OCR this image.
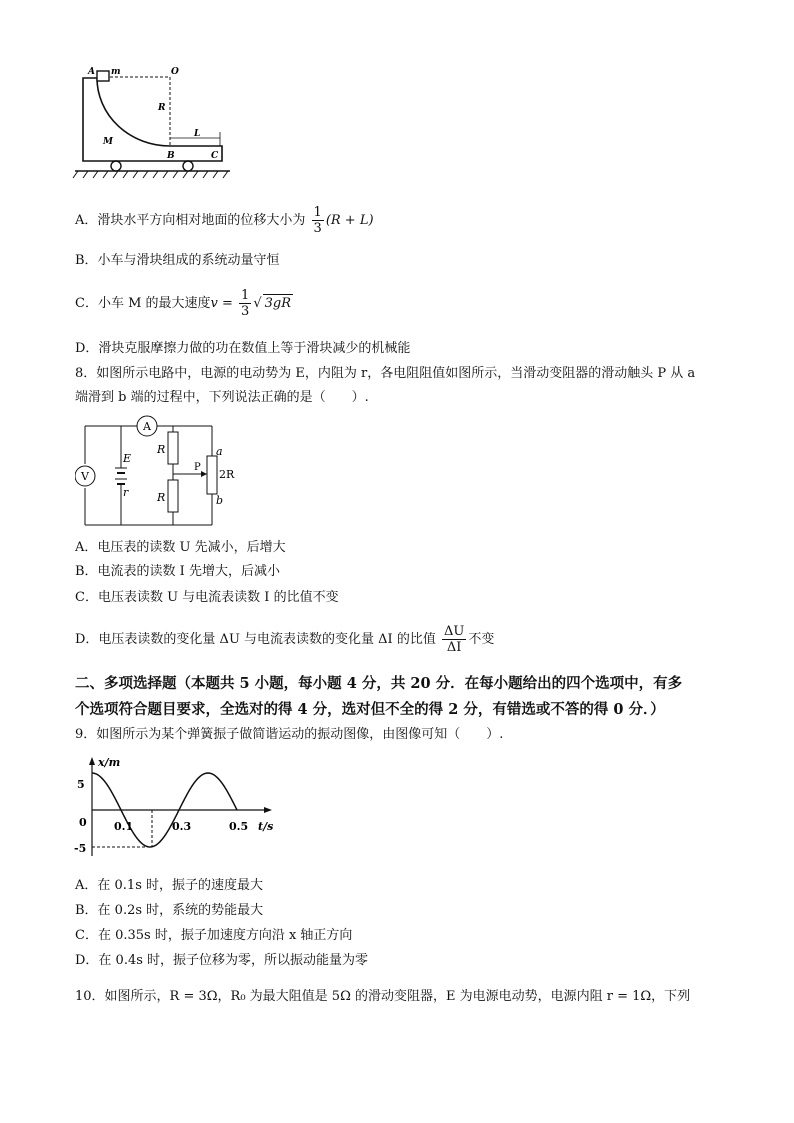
A m	O
R
M
B
L
C
A．滑块水平方向相对地面的位移大小为 $\frac{1}{3} (R + L)$
B．小车与滑块组成的系统动量守恒
C．小车 M 的最大速度$v = \frac{1}{3}$ √ 3gR
D．滑块克服摩擦力做的功在数值上等于滑块减少的机械能
8．如图所示电路中，电源的电动势为 E，内阻为 r，各电阻阻值如图所示，当滑动变阻器的滑动触头 P 从 a
端滑到 b 端的过程中，下列说法正确的是（　　）.
A
V
E
r
R
R
P
a
2R
b
A．电压表的读数 U 先减小，后增大
B．电流表的读数 I 先增大，后减小
C．电压表读数 U 与电流表读数 I 的比值不变
D．电压表读数的变化量 ΔU 与电流表读数的变化量 ΔI 的比值 $\frac{\Delta U}{\Delta I}$ 不变
二、多项选择题（本题共 5 小题，每小题 4 分，共 20 分．在每小题给出的四个选项中，有多
个选项符合题目要求，全选对的得 4 分，选对但不全的得 2 分，有错选或不答的得 0 分．）
9．如图所示为某个弹簧振子做简谐运动的振动图像，由图像可知（　　）.
x/m
t/s
5
-5
0 0.1	0.3	0.5
A．在 0.1s 时，振子的速度最大
B．在 0.2s 时，系统的势能最大
C．在 0.35s 时，振子加速度方向沿 x 轴正方向
D．在 0.4s 时，振子位移为零，所以振动能量为零
10．如图所示，R = 3Ω，R₀ 为最大阻值是 5Ω 的滑动变阻器，E 为电源电动势，电源内阻 r = 1Ω，下列
